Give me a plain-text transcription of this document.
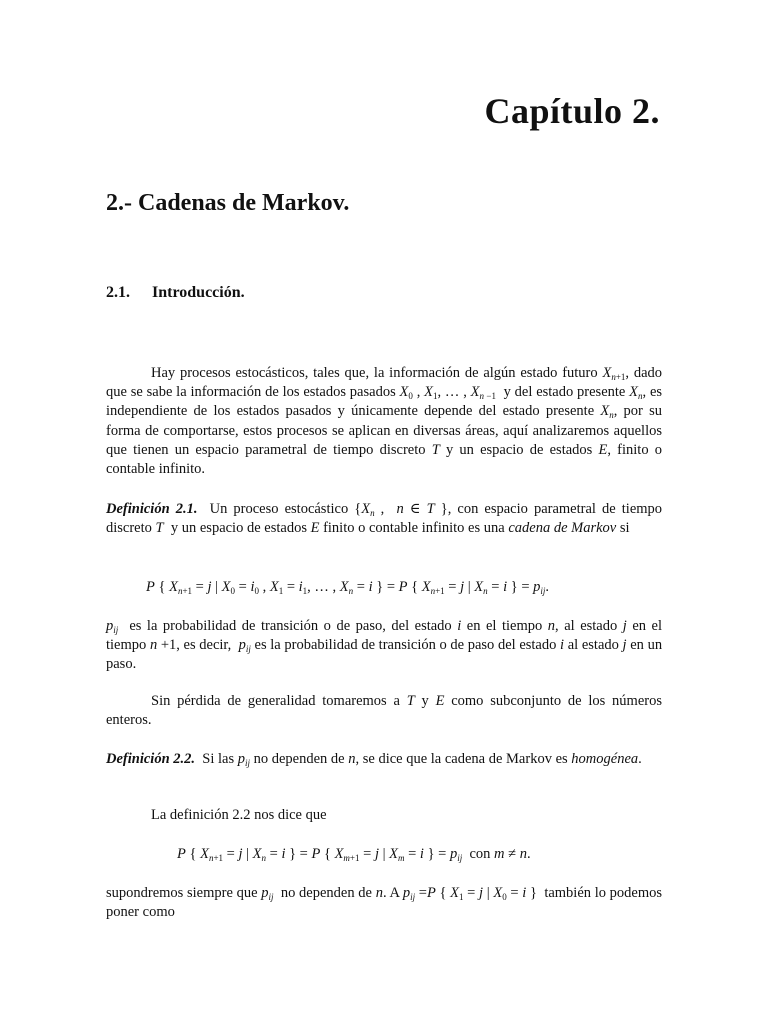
Capítulo 2.
2.- Cadenas de Markov.
2.1. Introducción.

Hay procesos estocásticos, tales que, la información de algún estado futuro $X_{n+1}$, dado que se sabe la información de los estados pasados $X_0$ , $X_1$, … , $X_{n -1}$ y del estado presente $X_n$, es independiente de los estados pasados y únicamente depende del estado presente $X_n$, por su forma de comportarse, estos procesos se aplican en diversas áreas, aquí analizaremos aquellos que tienen un espacio parametral de tiempo discreto T y un espacio de estados E, finito o contable infinito.

Definición 2.1. Un proceso estocástico {$X_n$ ,  n ∈ T }, con espacio parametral de tiempo discreto T y un espacio de estados E finito o contable infinito es una cadena de Markov si

P { $X_{n+1} = j$ | $X_0 = i_0$ , $X_1 = i_1$, … , $X_n = i$ } = P { $X_{n+1} = j$ | $X_n = i$ } = $p_{ij}$.

$p_{ij}$ es la probabilidad de transición o de paso, del estado i en el tiempo n, al estado j en el tiempo n +1, es decir, $p_{ij}$ es la probabilidad de transición o de paso del estado i al estado j en un paso.

Sin pérdida de generalidad tomaremos a T y E como subconjunto de los números enteros.

Definición 2.2. Si las $p_{ij}$ no dependen de n, se dice que la cadena de Markov es homogénea.

La definición 2.2 nos dice que

P { $X_{n+1} = j$ | $X_n = i$ } = P { $X_{m+1} = j$ | $X_m = i$ } = $p_{ij}$  con m ≠ n.

supondremos siempre que $p_{ij}$ no dependen de n. A $p_{ij} =P$ { $X_1 = j$ | $X_0 = i$ }  también lo podemos poner como
